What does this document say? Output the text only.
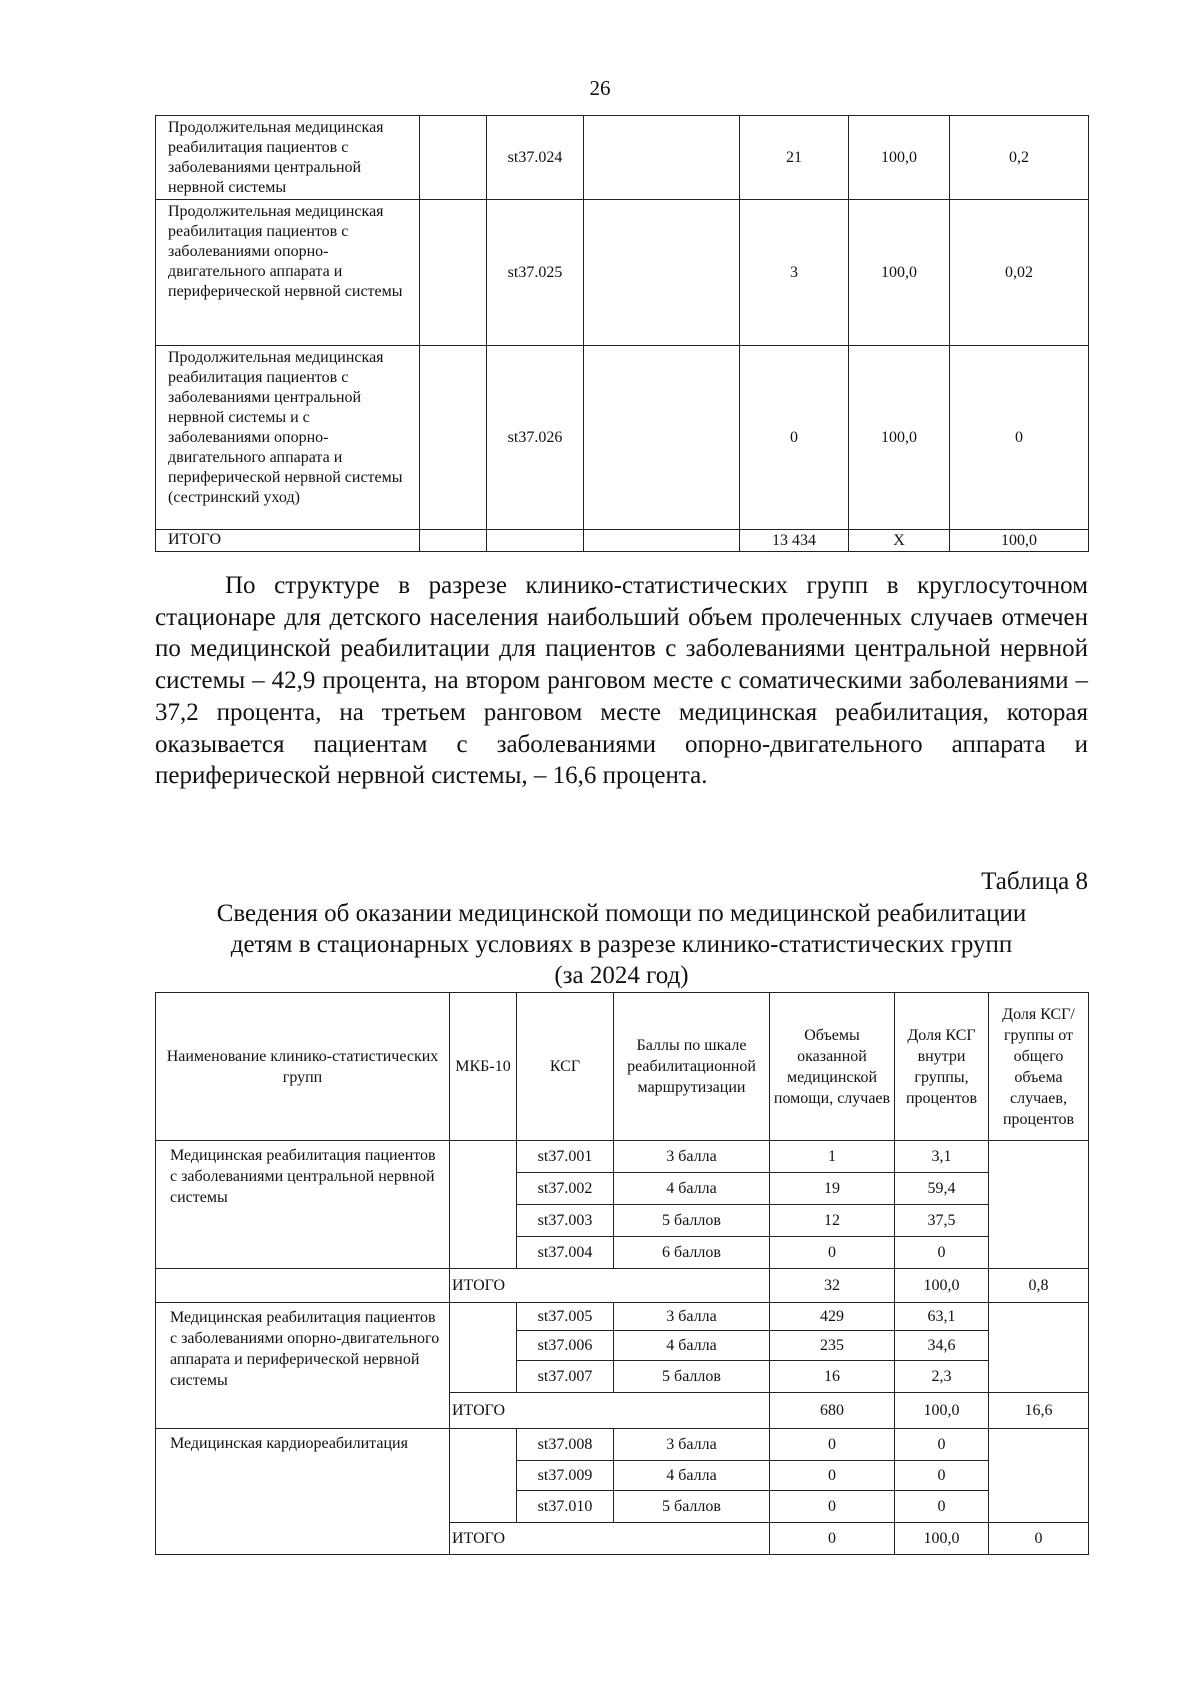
26
Продолжительная медицинская реабилитация пациентов с заболеваниями центральной нервной системы		st37.024		21	100,0	0,2
Продолжительная медицинская реабилитация пациентов с заболеваниями опорно-двигательного аппарата и периферической нервной системы		st37.025		3	100,0	0,02
Продолжительная медицинская реабилитация пациентов с заболеваниями центральной нервной системы и с заболеваниями опорно-двигательного аппарата и периферической нервной системы (сестринский уход)		st37.026		0	100,0	0
ИТОГО				13 434	Х	100,0
По структуре в разрезе клинико-статистических групп в круглосуточном стационаре для детского населения наибольший объем пролеченных случаев отмечен по медицинской реабилитации для пациентов с заболеваниями центральной нервной системы – 42,9 процента, на втором ранговом месте с соматическими заболеваниями – 37,2 процента, на третьем ранговом месте медицинская реабилитация, которая оказывается пациентам с заболеваниями опорно-двигательного аппарата и периферической нервной системы, – 16,6 процента.
Таблица 8
Сведения об оказании медицинской помощи по медицинской реабилитации
детям в стационарных условиях в разрезе клинико-статистических групп
(за 2024 год)
Наименование клинико-статистических групп	МКБ-10	КСГ	Баллы по шкале реабилитационной маршрутизации	Объемы оказанной медицинской помощи, случаев	Доля КСГ внутри группы, процентов	Доля КСГ/ группы от общего объема случаев, процентов
Медицинская реабилитация пациентов с заболеваниями центральной нервной системы		st37.001	3 балла	1	3,1	
		st37.002	4 балла	19	59,4	
		st37.003	5 баллов	12	37,5	
		st37.004	6 баллов	0	0	
	ИТОГО			32	100,0	0,8
Медицинская реабилитация пациентов с заболеваниями опорно-двигательного аппарата и периферической нервной системы		st37.005	3 балла	429	63,1	
		st37.006	4 балла	235	34,6	
		st37.007	5 баллов	16	2,3	
	ИТОГО			680	100,0	16,6
Медицинская кардиореабилитация		st37.008	3 балла	0	0	
		st37.009	4 балла	0	0	
		st37.010	5 баллов	0	0	
	ИТОГО			0	100,0	0
